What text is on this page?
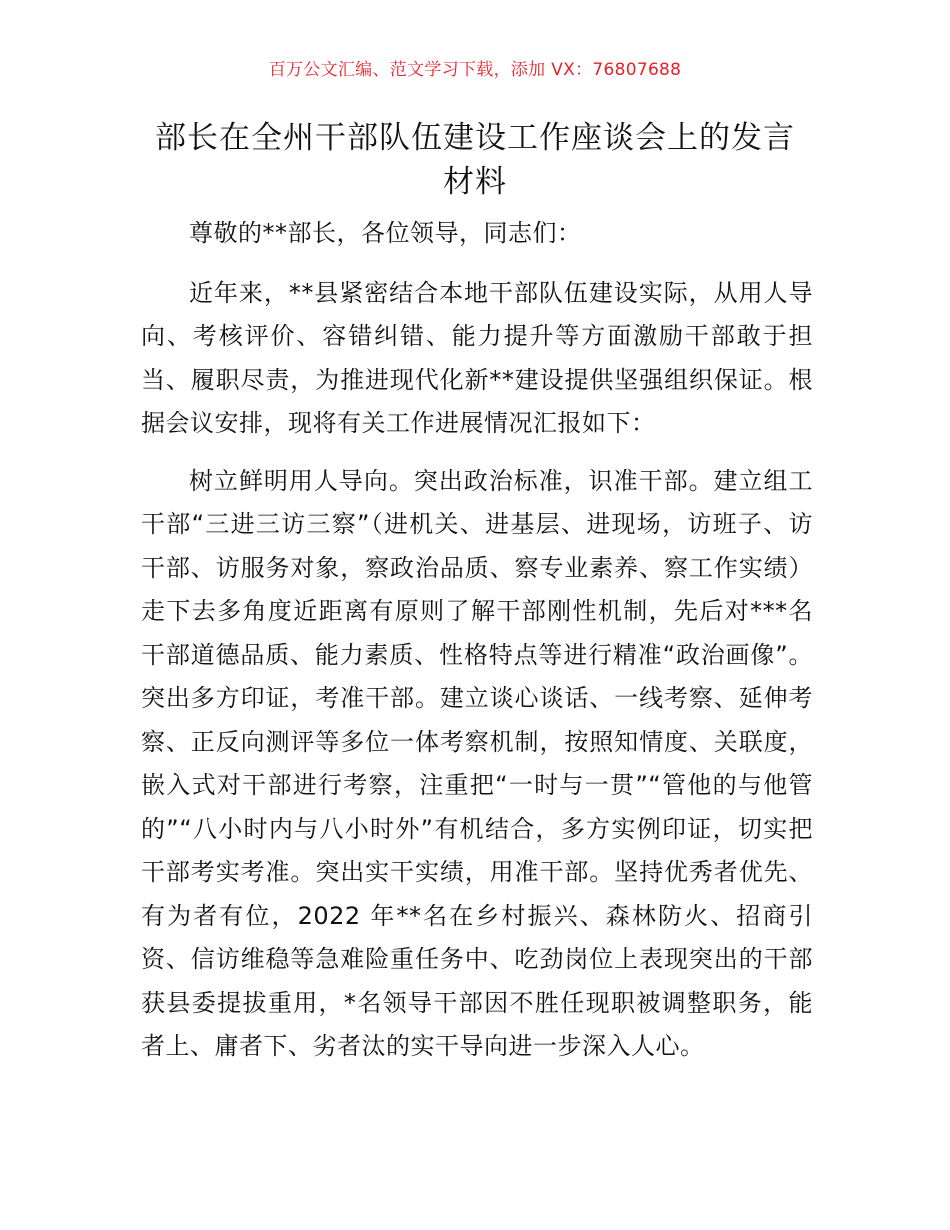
百万公文汇编、范文学习下载，添加 VX：76807688
部长在全州干部队伍建设工作座谈会上的发言
材料

尊敬的**部长，各位领导，同志们：

近年来，**县紧密结合本地干部队伍建设实际，从用人导向、考核评价、容错纠错、能力提升等方面激励干部敢于担当、履职尽责，为推进现代化新**建设提供坚强组织保证。根据会议安排，现将有关工作进展情况汇报如下：

树立鲜明用人导向。突出政治标准，识准干部。建立组工干部“三进三访三察”（进机关、进基层、进现场，访班子、访干部、访服务对象，察政治品质、察专业素养、察工作实绩）走下去多角度近距离有原则了解干部刚性机制，先后对***名干部道德品质、能力素质、性格特点等进行精准“政治画像”。突出多方印证，考准干部。建立谈心谈话、一线考察、延伸考察、正反向测评等多位一体考察机制，按照知情度、关联度，嵌入式对干部进行考察，注重把“一时与一贯”“管他的与他管的”“八小时内与八小时外”有机结合，多方实例印证，切实把干部考实考准。突出实干实绩，用准干部。坚持优秀者优先、有为者有位，2022 年**名在乡村振兴、森林防火、招商引资、信访维稳等急难险重任务中、吃劲岗位上表现突出的干部获县委提拔重用，*名领导干部因不胜任现职被调整职务，能者上、庸者下、劣者汰的实干导向进一步深入人心。
